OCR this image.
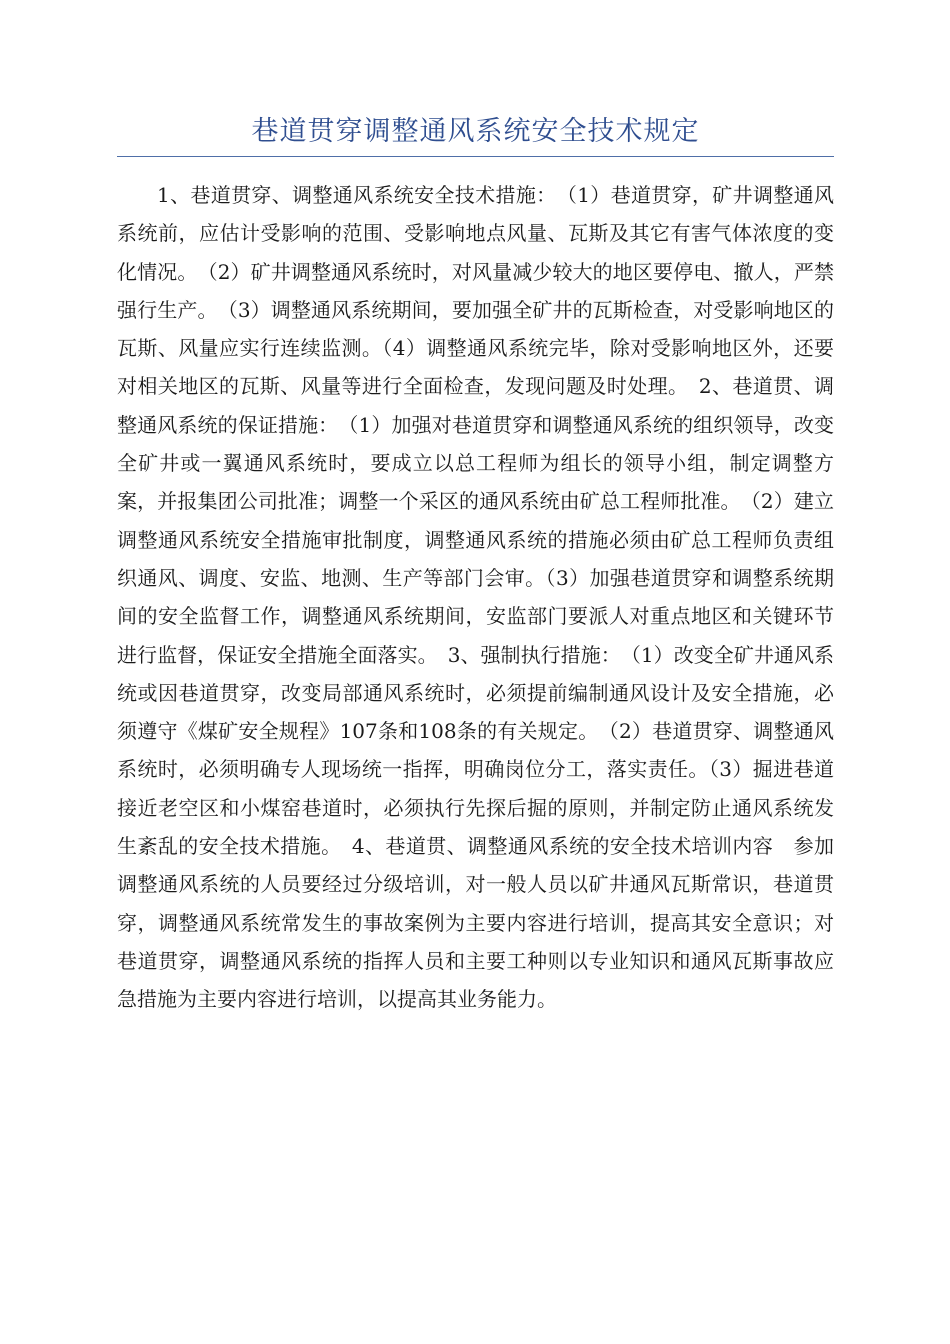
巷道贯穿调整通风系统安全技术规定

1、巷道贯穿、调整通风系统安全技术措施：　（1）巷道贯穿，矿井调整通风系统前，应估计受影响的范围、受影响地点风量、瓦斯及其它有害气体浓度的变化情况。　（2）矿井调整通风系统时，对风量减少较大的地区要停电、撤人，严禁强行生产。　（3）调整通风系统期间，要加强全矿井的瓦斯检查，对受影响地区的瓦斯、风量应实行连续监测。（4）调整通风系统完毕，除对受影响地区外，还要对相关地区的瓦斯、风量等进行全面检查，发现问题及时处理。　2、巷道贯、调整通风系统的保证措施：　（1）加强对巷道贯穿和调整通风系统的组织领导，改变全矿井或一翼通风系统时，要成立以总工程师为组长的领导小组，制定调整方案，并报集团公司批准；调整一个采区的通风系统由矿总工程师批准。　（2）建立调整通风系统安全措施审批制度，调整通风系统的措施必须由矿总工程师负责组织通风、调度、安监、地测、生产等部门会审。（3）加强巷道贯穿和调整系统期间的安全监督工作，调整通风系统期间，安监部门要派人对重点地区和关键环节进行监督，保证安全措施全面落实。　3、强制执行措施：　（1）改变全矿井通风系统或因巷道贯穿，改变局部通风系统时，必须提前编制通风设计及安全措施，必须遵守《煤矿安全规程》107条和108条的有关规定。　（2）巷道贯穿、调整通风系统时，必须明确专人现场统一指挥，明确岗位分工，落实责任。（3）掘进巷道接近老空区和小煤窑巷道时，必须执行先探后掘的原则，并制定防止通风系统发生紊乱的安全技术措施。　4、巷道贯、调整通风系统的安全技术培训内容　参加调整通风系统的人员要经过分级培训，对一般人员以矿井通风瓦斯常识，巷道贯穿，调整通风系统常发生的事故案例为主要内容进行培训，提高其安全意识；对巷道贯穿，调整通风系统的指挥人员和主要工种则以专业知识和通风瓦斯事故应急措施为主要内容进行培训，以提高其业务能力。
